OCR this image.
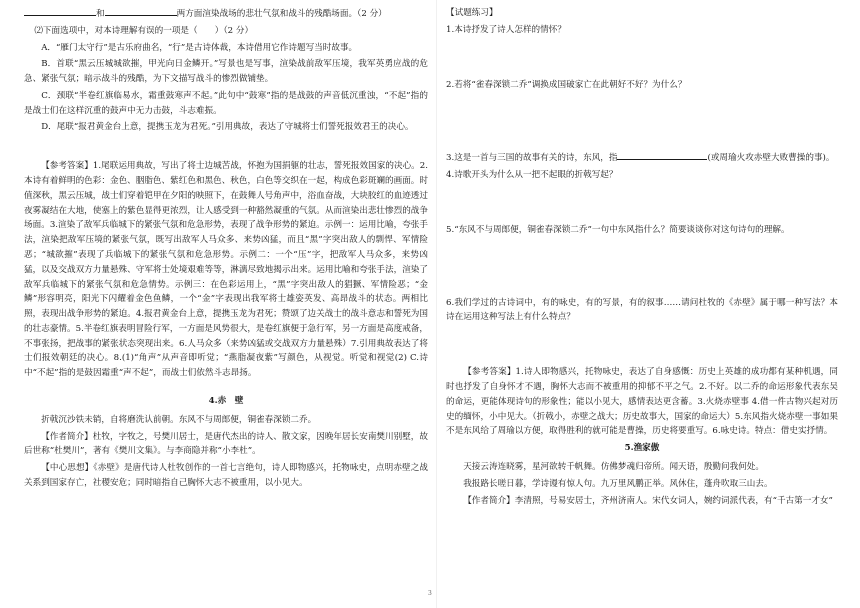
和	两方面渲染战场的悲壮气氛和战斗的残酷场面。（2 分）
⑵下面选项中，对本诗理解有误的一项是（　　）（2 分）
A．“雁门太守行”是古乐府曲名，“行”是古诗体裁，本诗借用它作诗题写当时故事。
B．首联“黑云压城城欲摧，甲光向日金鳞开。”写景也是写事，渲染战前敌军压境，我军英勇应战的危急、紧张气氛；暗示战斗的残酷，为下文描写战斗的惨烈做铺垫。
C．颈联“半卷红旗临易水，霜重鼓寒声不起。”此句中“鼓寒”指的是战鼓的声音低沉重浊，“不起”指的是战士们在这样沉重的鼓声中无力击鼓，斗志难振。
D．尾联“报君黄金台上意，提携玉龙为君死。”引用典故，表达了守城将士们誓死报效君王的决心。
【参考答案】1.尾联运用典故，写出了将士边城苦战，怀抱为国捐躯的壮志，誓死报效国家的决心。2.本诗有着鲜明的色彩：金色、胭脂色、紫红色和黑色、秋色，白色等交织在一起，构成色彩斑斓的画面。时值深秋，黑云压城，战士们穿着铠甲在夕阳的映照下，在鼓舞人号角声中，浴血奋战，大块胶红的血迹透过夜雾凝结在大地，使塞上的紫色显得更浓烈，让人感受到一种豁然凝重的气氛。从而渲染出悲壮惨烈的战争场面。3.渲染了敌军兵临城下的紧张气氛和危急形势，表现了战争形势的紧迫。示例一：运用比喻，夸张手法，渲染把敌军压境的紧张气氛，既写出敌军人马众多、来势凶猛，而且“黑”字突出敌人的剽悍、军情险恶；“城欲摧”表现了兵临城下的紧张气氛和危急形势。示例二：一个“压”字，把敌军人马众多，来势凶猛，以及交战双方力量悬殊、守军将士处境艰难等等，淋漓尽致地揭示出来。运用比喻和夸张手法，渲染了敌军兵临城下的紧张气氛和危急情势。示例三：在色彩运用上，“黑”字突出敌人的猖獗、军情险恶；“金鳞”形容明亮，阳光下闪耀着金色鱼鳞，一个“金”字表现出我军将士雄姿英发、高昂战斗的状态。两相比照，表现出战争形势的紧迫。4.报君黄金台上意，提携玉龙为君死；赞颂了边关战士的战斗意志和誓死为国的壮志豪情。5.半卷红旗表明冒险行军，一方面是风势很大，是卷红旗便于急行军，另一方面是高度戒备，不事张扬，把战事的紧张状态突现出来。6.人马众多（来势凶猛或交战双方力量悬殊）7.引用典故表达了将士们报效朝廷的决心。8.(1)“角声”从声音即听觉；“燕脂凝夜紫”写颜色，从视觉。听觉和视觉(2) C.诗中“不起”指的是鼓因霜重“声不起”，而战士们依然斗志昂扬。
4.赤　壁
折戟沉沙铁未销，自将磨洗认前朝。东风不与周郎便，铜雀春深锁二乔。
【作者简介】杜牧，字牧之，号樊川居士，是唐代杰出的诗人、散文家，因晚年居长安南樊川别墅，故后世称“杜樊川”，著有《樊川文集》。与李商隐并称“小李杜”。
【中心思想】《赤壁》是唐代诗人杜牧创作的一首七言绝句，诗人即物感兴，托物咏史，点明赤壁之战关系到国家存亡，社稷安危；同时暗指自己胸怀大志不被重用，以小见大。
【试题练习】
1.本诗抒发了诗人怎样的情怀？
2.若将“雀春深锁二乔”调换成国破家亡在此朝好不好？为什么？
3.这是一首与三国的故事有关的诗，东风，指	(或周瑜火攻赤壁大败曹操的事)。
4.诗歌开头为什么从一把不起眼的折戟写起？
5.“东风不与周郎便，铜雀春深锁二乔”一句中东风指什么？简要谈谈你对这句诗句的理解。
6.我们学过的古诗词中，有的咏史，有的写景，有的叙事……请问杜牧的《赤壁》属于哪一种写法？本诗在运用这种写法上有什么特点？
【参考答案】1.诗人即物感兴，托物咏史，表达了自身感慨：历史上英雄的成功都有某种机遇，同时也抒发了自身怀才不遇，胸怀大志而不被重用的抑郁不平之气。2.不好。以二乔的命运形象代表东吴的命运，更能体现诗句的形象性；能以小见大，感情表达更含蓄。3.火烧赤壁事 4.借一件古物兴起对历史的缅怀，小中见大。（折戟小，赤壁之战大；历史故事大，国家的命运大）5.东风指火烧赤壁一事如果不是东风给了周瑜以方便，取得胜利的就可能是曹操，历史将要重写。6.咏史诗。特点：借史实抒情。
5.渔家傲
天接云涛连晓雾，星河欲转千帆舞。仿佛梦魂归帝所。闻天语，殷勤问我何处。
我报路长嗟日暮，学诗谩有惊人句。九万里风鹏正举。风休住，蓬舟吹取三山去。
【作者简介】李清照，号易安居士，齐州济南人。宋代女词人，婉约词派代表，有“千古第一才女”
3
